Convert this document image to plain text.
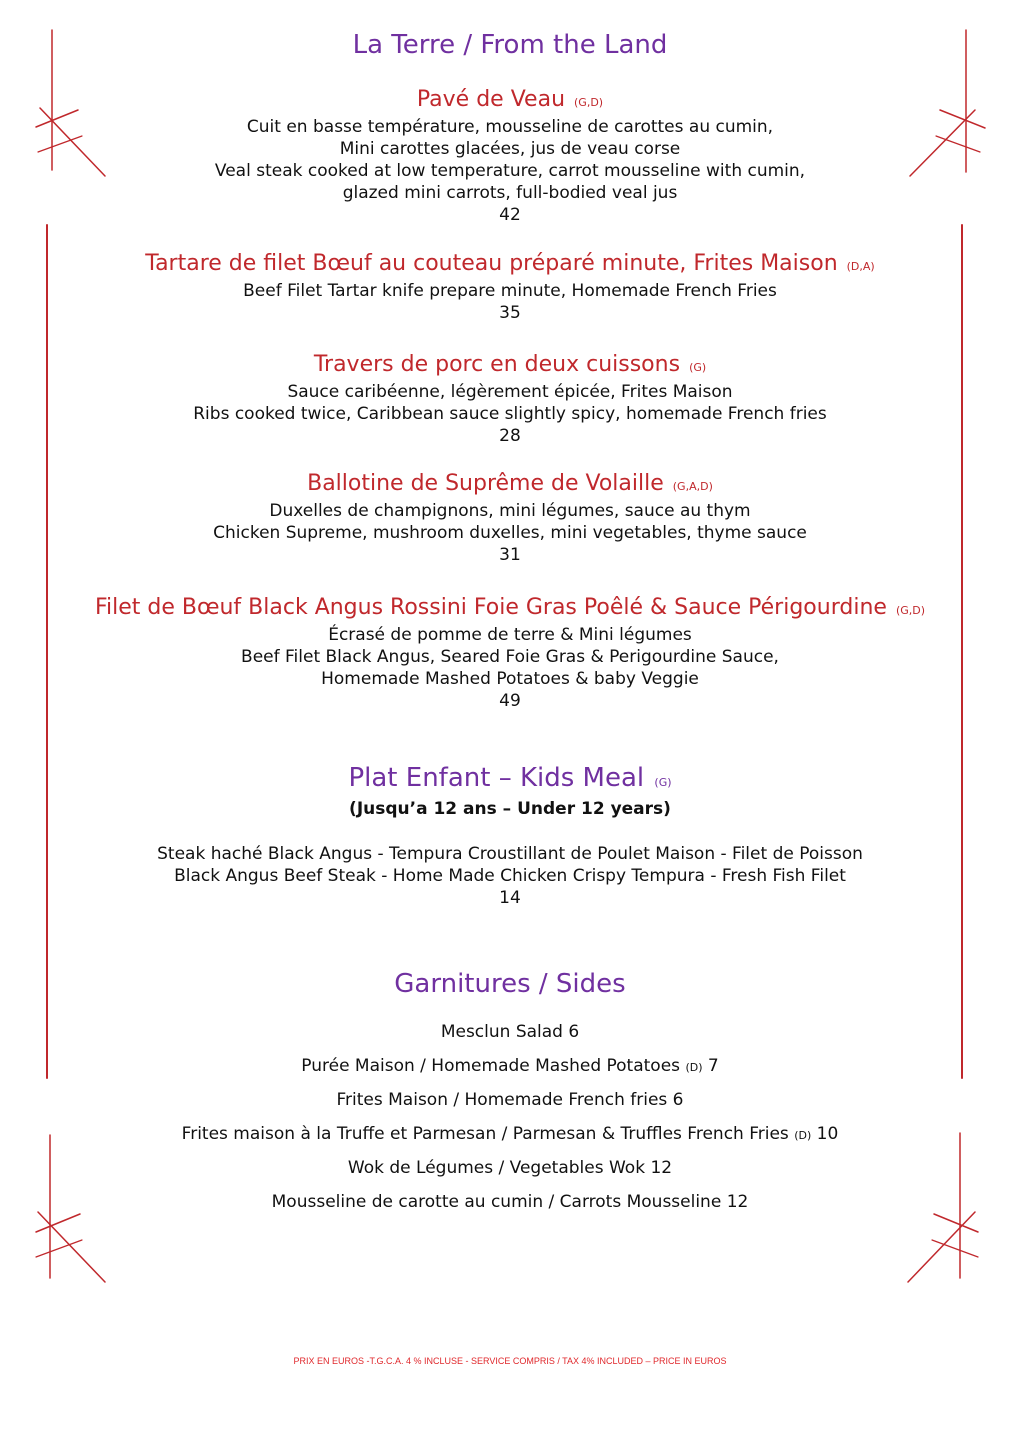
La Terre / From the Land
Pavé de Veau (G,D)
Cuit en basse température, mousseline de carottes au cumin,
Mini carottes glacées, jus de veau corse
Veal steak cooked at low temperature, carrot mousseline with cumin,
glazed mini carrots, full-bodied veal jus
42
Tartare de filet Bœuf au couteau préparé minute, Frites Maison (D,A)
Beef Filet Tartar knife prepare minute, Homemade French Fries
35
Travers de porc en deux cuissons (G)
Sauce caribéenne, légèrement épicée, Frites Maison
Ribs cooked twice, Caribbean sauce slightly spicy, homemade French fries
28
Ballotine de Suprême de Volaille (G,A,D)
Duxelles de champignons, mini légumes, sauce au thym
Chicken Supreme, mushroom duxelles, mini vegetables, thyme sauce
31
Filet de Bœuf Black Angus Rossini Foie Gras Poêlé & Sauce Périgourdine (G,D)
Écrasé de pomme de terre & Mini légumes
Beef Filet Black Angus, Seared Foie Gras & Perigourdine Sauce,
Homemade Mashed Potatoes & baby Veggie
49
Plat Enfant – Kids Meal (G)
(Jusqu’a 12 ans – Under 12 years)
Steak haché Black Angus - Tempura Croustillant de Poulet Maison - Filet de Poisson
Black Angus Beef Steak - Home Made Chicken Crispy Tempura - Fresh Fish Filet
14
Garnitures / Sides
Mesclun Salad 6
Purée Maison / Homemade Mashed Potatoes (D) 7
Frites Maison / Homemade French fries 6
Frites maison à la Truffe et Parmesan / Parmesan & Truffles French Fries (D) 10
Wok de Légumes / Vegetables Wok 12
Mousseline de carotte au cumin / Carrots Mousseline 12
PRIX EN EUROS -T.G.C.A. 4 % INCLUSE - SERVICE COMPRIS / TAX 4% INCLUDED – PRICE IN EUROS
